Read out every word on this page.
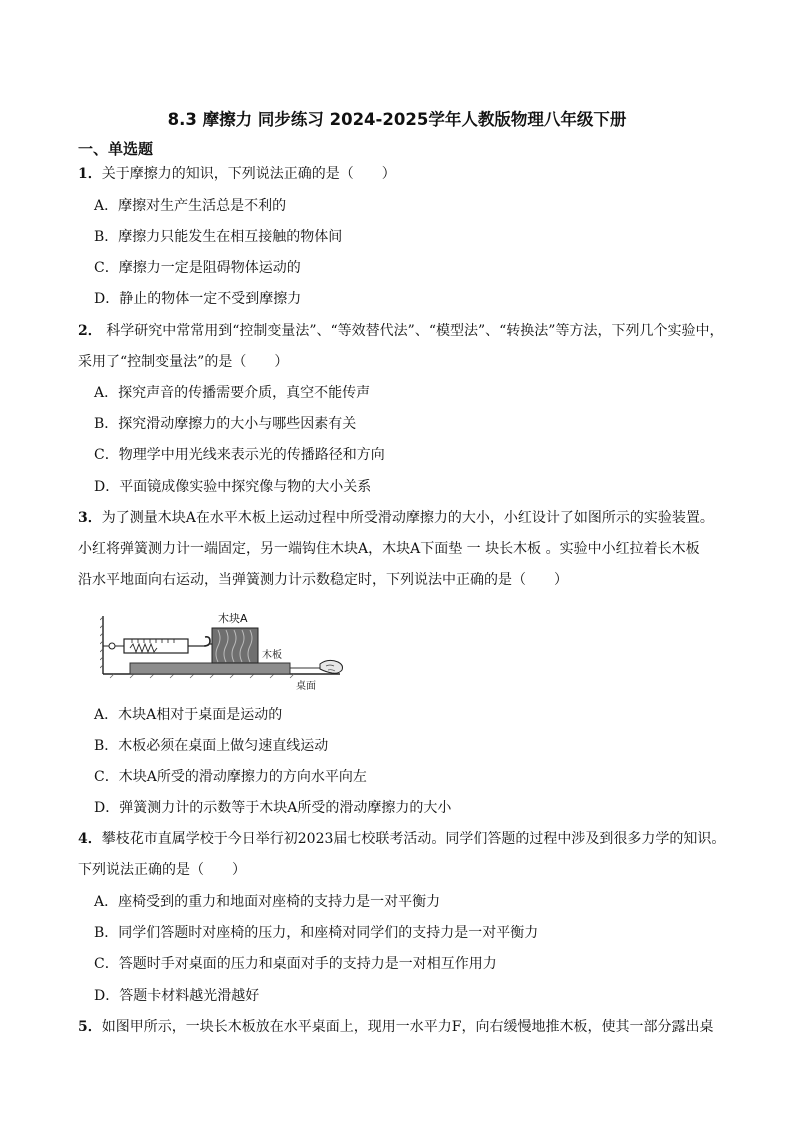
8.3 摩擦力 同步练习 2024-2025学年人教版物理八年级下册
一、单选题
1．关于摩擦力的知识，下列说法正确的是（　　）
A．摩擦对生产生活总是不利的
B．摩擦力只能发生在相互接触的物体间
C．摩擦力一定是阻碍物体运动的
D．静止的物体一定不受到摩擦力
2． 科学研究中常常用到“控制变量法”、“等效替代法”、“模型法”、“转换法”等方法，下列几个实验中，
采用了“控制变量法”的是（　　）
A．探究声音的传播需要介质，真空不能传声
B．探究滑动摩擦力的大小与哪些因素有关
C．物理学中用光线来表示光的传播路径和方向
D．平面镜成像实验中探究像与物的大小关系
3．为了测量木块A在水平木板上运动过程中所受滑动摩擦力的大小，小红设计了如图所示的实验装置。
小红将弹簧测力计一端固定，另一端钩住木块A，木块A下面垫 一 块长木板 。实验中小红拉着长木板
沿水平地面向右运动，当弹簧测力计示数稳定时，下列说法中正确的是（　　）
木块A
木板
桌面
A．木块A相对于桌面是运动的
B．木板必须在桌面上做匀速直线运动
C．木块A所受的滑动摩擦力的方向水平向左
D．弹簧测力计的示数等于木块A所受的滑动摩擦力的大小
4．攀枝花市直属学校于今日举行初2023届七校联考活动。同学们答题的过程中涉及到很多力学的知识。
下列说法正确的是（　　）
A．座椅受到的重力和地面对座椅的支持力是一对平衡力
B．同学们答题时对座椅的压力，和座椅对同学们的支持力是一对平衡力
C．答题时手对桌面的压力和桌面对手的支持力是一对相互作用力
D．答题卡材料越光滑越好
5．如图甲所示，一块长木板放在水平桌面上，现用一水平力F，向右缓慢地推木板，使其一部分露出桌
